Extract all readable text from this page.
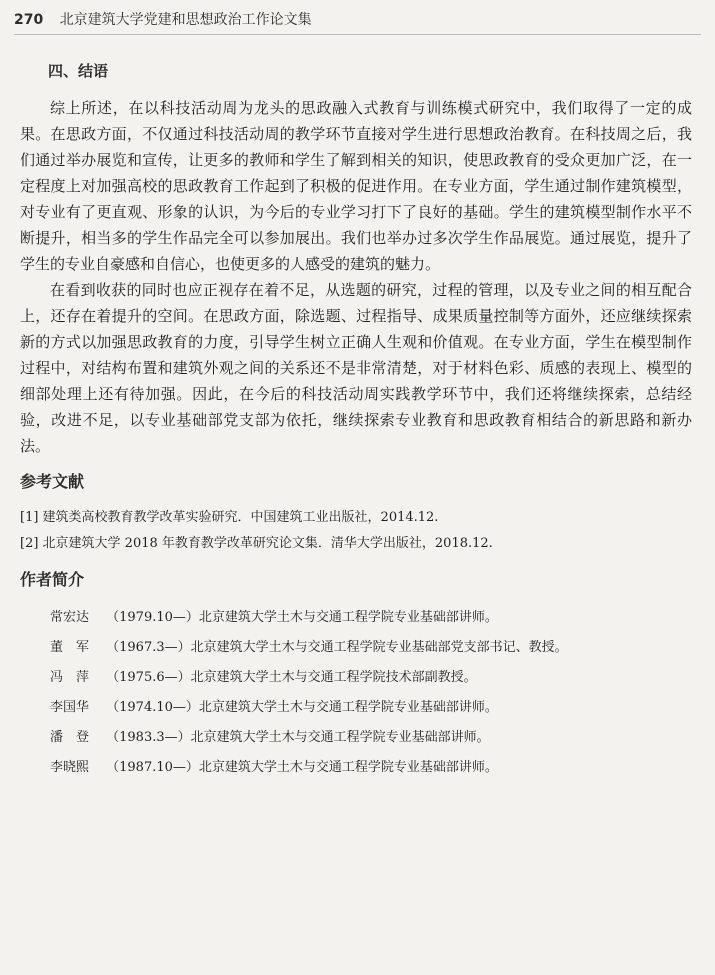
270 北京建筑大学党建和思想政治工作论文集
四、结语

综上所述，在以科技活动周为龙头的思政融入式教育与训练模式研究中，我们取得了一定的成果。在思政方面，不仅通过科技活动周的教学环节直接对学生进行思想政治教育。在科技周之后，我们通过举办展览和宣传，让更多的教师和学生了解到相关的知识，使思政教育的受众更加广泛，在一定程度上对加强高校的思政教育工作起到了积极的促进作用。在专业方面，学生通过制作建筑模型，对专业有了更直观、形象的认识，为今后的专业学习打下了良好的基础。学生的建筑模型制作水平不断提升，相当多的学生作品完全可以参加展出。我们也举办过多次学生作品展览。通过展览，提升了学生的专业自豪感和自信心，也使更多的人感受的建筑的魅力。

在看到收获的同时也应正视存在着不足，从选题的研究，过程的管理，以及专业之间的相互配合上，还存在着提升的空间。在思政方面，除选题、过程指导、成果质量控制等方面外，还应继续探索新的方式以加强思政教育的力度，引导学生树立正确人生观和价值观。在专业方面，学生在模型制作过程中，对结构布置和建筑外观之间的关系还不是非常清楚，对于材料色彩、质感的表现上、模型的细部处理上还有待加强。因此，在今后的科技活动周实践教学环节中，我们还将继续探索，总结经验，改进不足，以专业基础部党支部为依托，继续探索专业教育和思政教育相结合的新思路和新办法。

参考文献
[1] 建筑类高校教育教学改革实验研究．中国建筑工业出版社，2014.12.
[2] 北京建筑大学 2018 年教育教学改革研究论文集．清华大学出版社，2018.12.
作者简介
常宏达 （1979.10—）北京建筑大学土木与交通工程学院专业基础部讲师。
董　军 （1967.3—）北京建筑大学土木与交通工程学院专业基础部党支部书记、教授。
冯　萍 （1975.6—）北京建筑大学土木与交通工程学院技术部副教授。
李国华 （1974.10—）北京建筑大学土木与交通工程学院专业基础部讲师。
潘　登 （1983.3—）北京建筑大学土木与交通工程学院专业基础部讲师。
李晓熙 （1987.10—）北京建筑大学土木与交通工程学院专业基础部讲师。
